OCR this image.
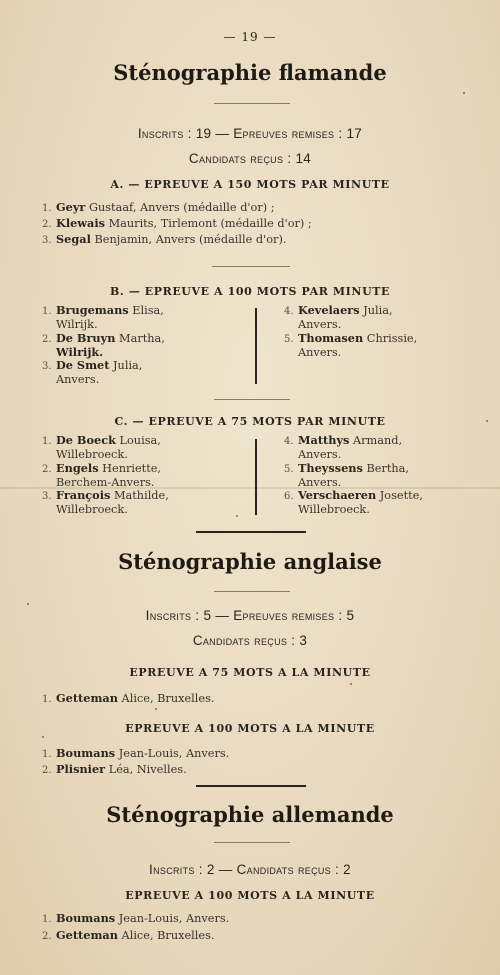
— 19 —
Sténographie flamande
Inscrits : 19 — Epreuves remises : 17
Candidats reçus : 14
A. — EPREUVE A 150 MOTS PAR MINUTE
1. Geyr Gustaaf, Anvers (médaille d'or) ;
2. Klewais Maurits, Tirlemont (médaille d'or) ;
3. Segal Benjamin, Anvers (médaille d'or).
B. — EPREUVE A 100 MOTS PAR MINUTE
1. Brugemans Elisa,
Wilrijk.
2. De Bruyn Martha,
Wilrijk.
3. De Smet Julia,
Anvers.
4. Kevelaers Julia,
Anvers.
5. Thomasen Chrissie,
Anvers.
C. — EPREUVE A 75 MOTS PAR MINUTE
1. De Boeck Louisa,
Willebroeck.
2. Engels Henriette,
Berchem-Anvers.
3. François Mathilde,
Willebroeck.
4. Matthys Armand,
Anvers.
5. Theyssens Bertha,
Anvers.
6. Verschaeren Josette,
Willebroeck.
Sténographie anglaise
Inscrits : 5 — Epreuves remises : 5
Candidats reçus : 3
EPREUVE A 75 MOTS A LA MINUTE
1. Getteman Alice, Bruxelles.
EPREUVE A 100 MOTS A LA MINUTE
1. Boumans Jean-Louis, Anvers.
2. Plisnier Léa, Nivelles.
Sténographie allemande
Inscrits : 2 — Candidats reçus : 2
EPREUVE A 100 MOTS A LA MINUTE
1. Boumans Jean-Louis, Anvers.
2. Getteman Alice, Bruxelles.
